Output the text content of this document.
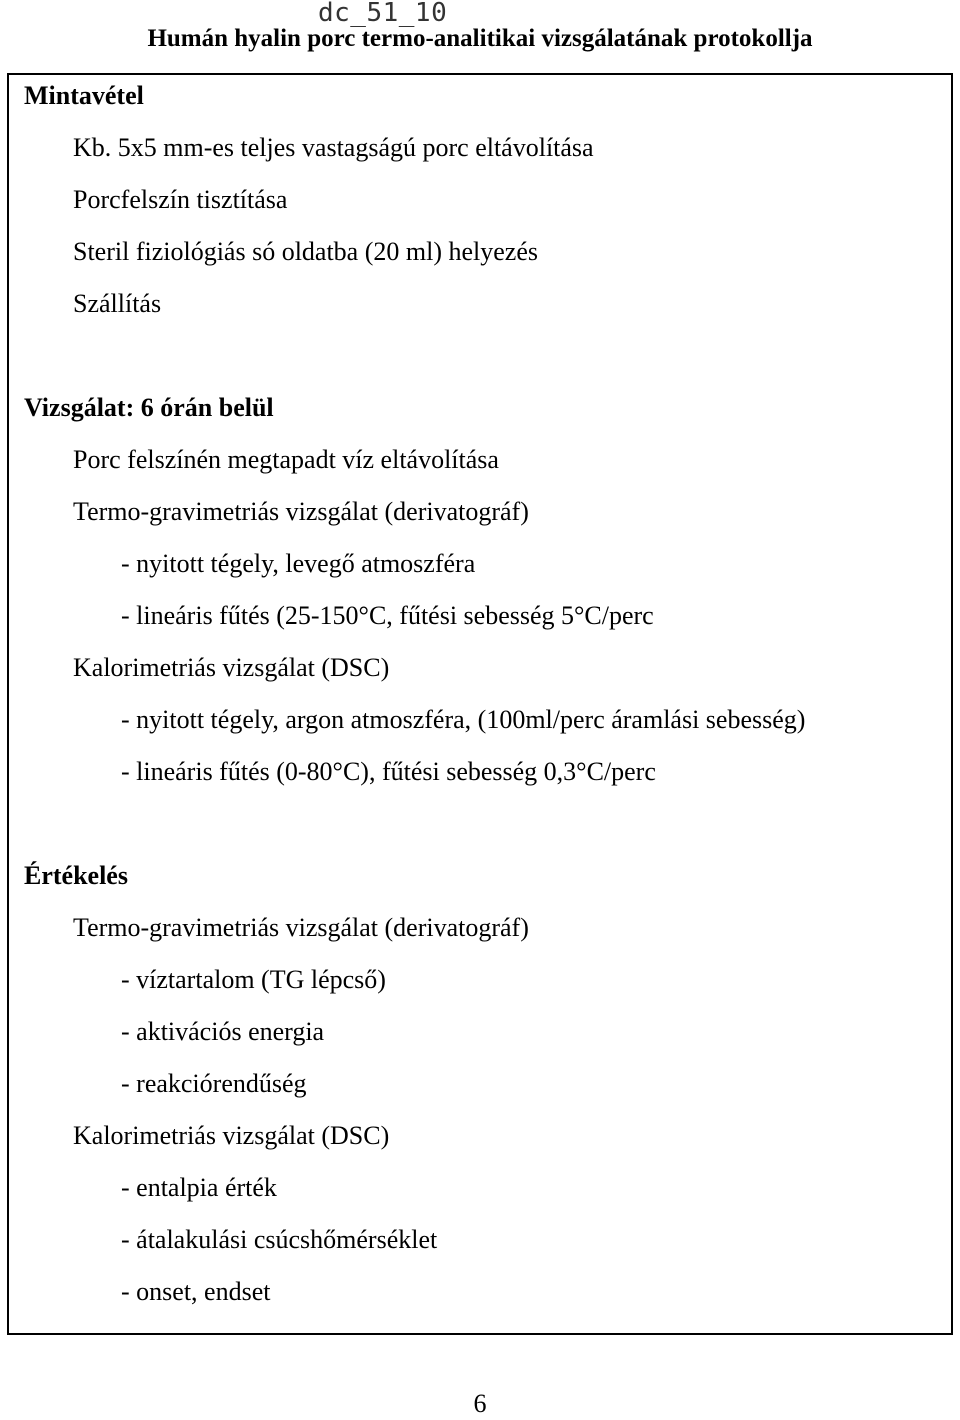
dc_51_10
Humán hyalin porc termo-analitikai vizsgálatának protokollja
Mintavétel
Kb. 5x5 mm-es teljes vastagságú porc eltávolítása
Porcfelszín tisztítása
Steril fiziológiás só oldatba (20 ml) helyezés
Szállítás
Vizsgálat: 6 órán belül
Porc felszínén megtapadt víz eltávolítása
Termo-gravimetriás vizsgálat (derivatográf)
- nyitott tégely, levegő atmoszféra
- lineáris fűtés (25-150°C, fűtési sebesség 5°C/perc
Kalorimetriás vizsgálat (DSC)
- nyitott tégely, argon atmoszféra, (100ml/perc áramlási sebesség)
- lineáris fűtés (0-80°C), fűtési sebesség 0,3°C/perc
Értékelés
Termo-gravimetriás vizsgálat (derivatográf)
- víztartalom (TG lépcső)
- aktivációs energia
- reakciórendűség
Kalorimetriás vizsgálat (DSC)
- entalpia érték
- átalakulási csúcshőmérséklet
- onset, endset
6
